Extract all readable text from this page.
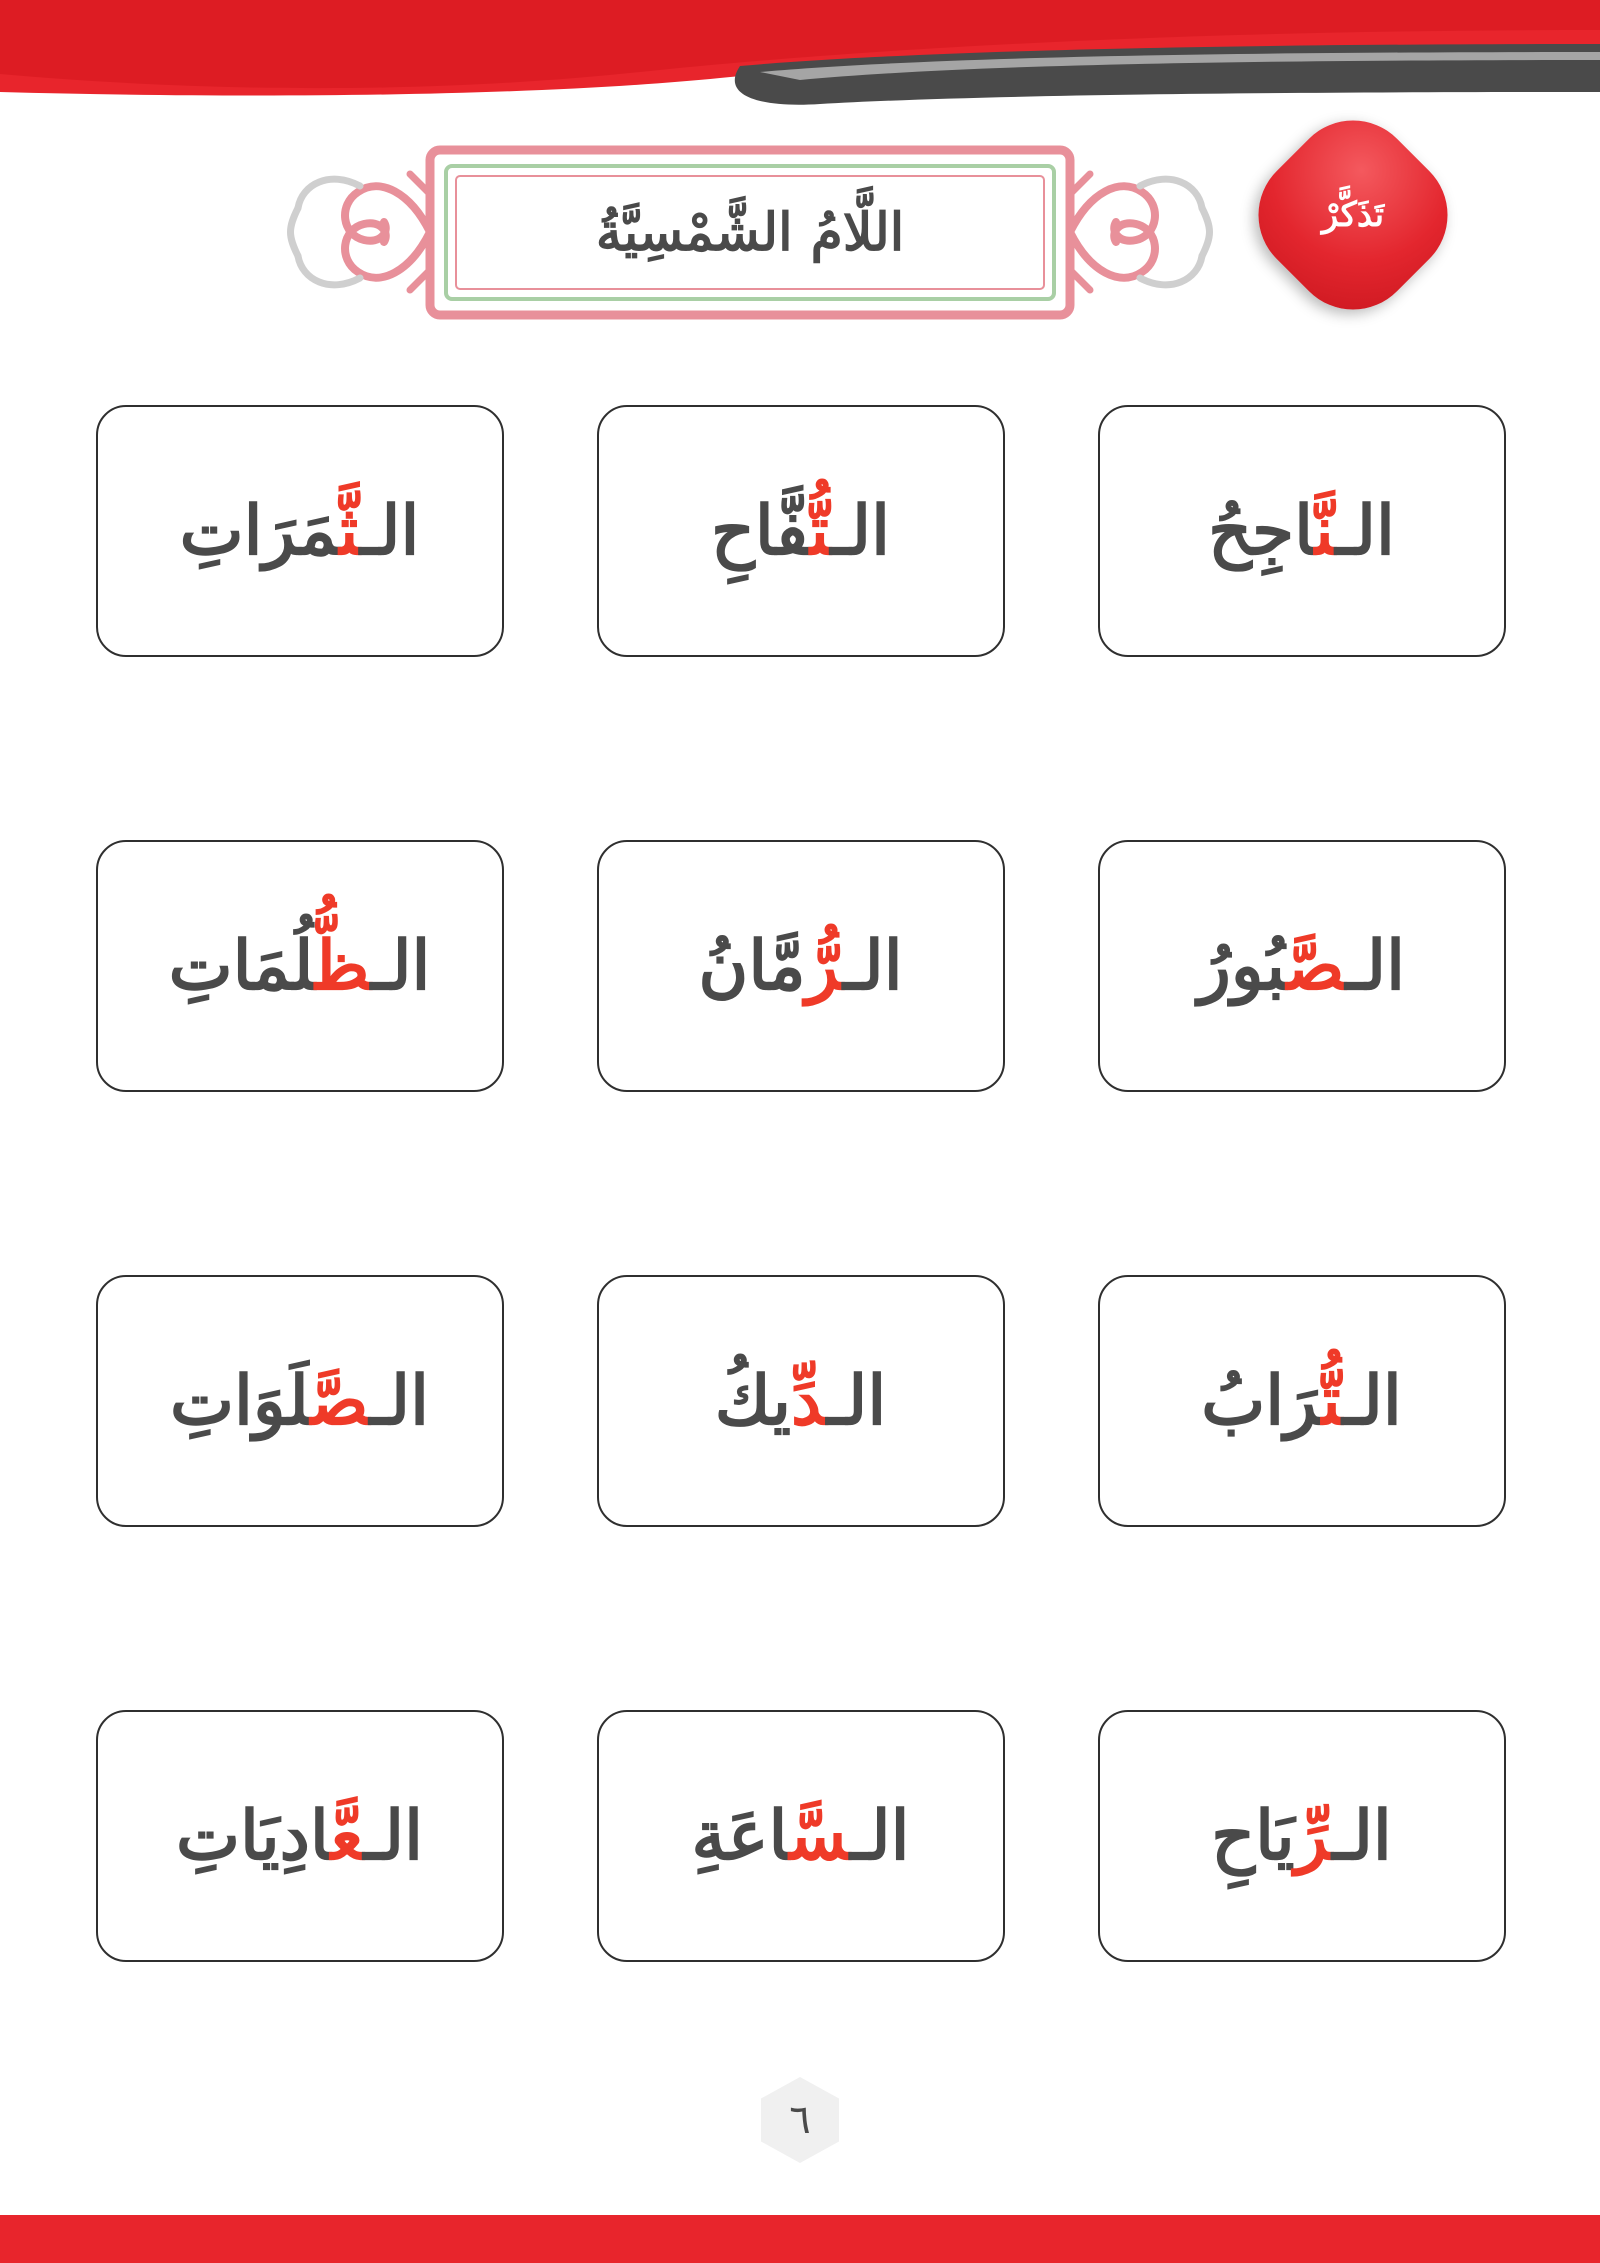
اللَّامُ الشَّمْسِيَّةُ	تَذَكَّرْ
الـنَّاجِحُ
الـتُّفَّاحِ
الـثَّمَرَاتِ
الـصَّبُورُ
الـرُّمَّانُ
الـظُّلُمَاتِ
الـتُّرَابُ
الـدِّيكُ
الـصَّلَوَاتِ
الـرِّيَاحِ
الـسَّاعَةِ
الـعَّادِيَاتِ
٦
